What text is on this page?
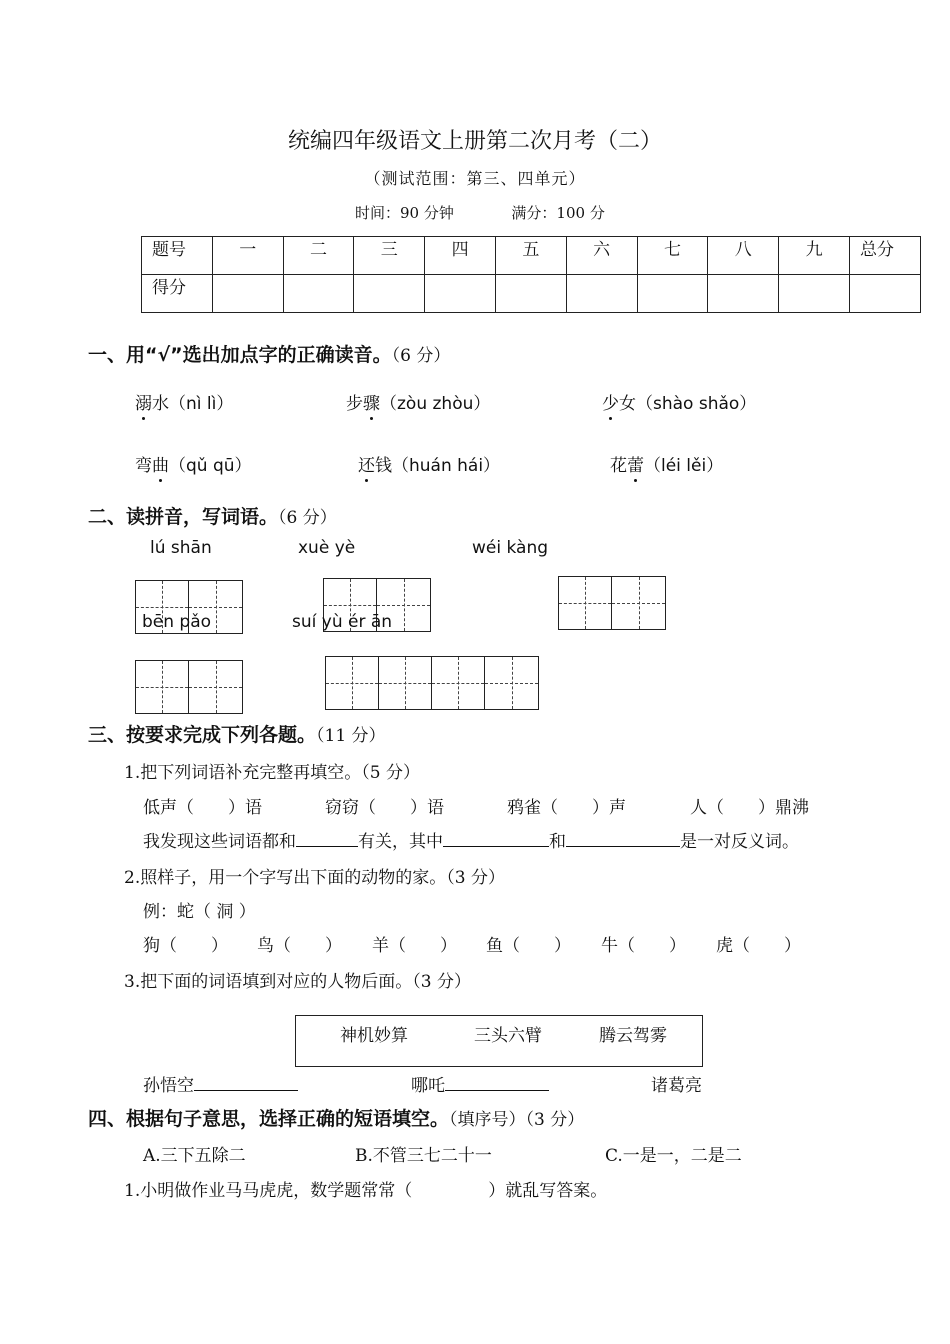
统编四年级语文上册第二次月考（二）
（测试范围：第三、四单元）
时间：90 分钟	满分：100 分
题号	一	二	三	四	五	六	七	八	九	总分
得分										
一、用“√”选出加点字的正确读音。（6 分）
溺水（nì lì）	步骤（zòu zhòu）	少女（shào shǎo）
弯曲（qǔ qū）	还钱（huán hái）	花蕾（léi lěi）
二、读拼音，写词语。（6 分）
lú shān	xuè yè	wéi kàng
bēn pǎo	suí yù ér ān
三、按要求完成下列各题。（11 分）
1.把下列词语补充完整再填空。（5 分）
低声（　　）语	窃窃（　　）语	鸦雀（　　）声	人（　　）鼎沸
我发现这些词语都和	有关，其中	和	是一对反义词。
2.照样子，用一个字写出下面的动物的家。（3 分）
例：蛇（ 洞 ）
狗（　　） 鸟（　　） 羊（　　） 鱼（　　） 牛（　　） 虎（　　）
3.把下面的词语填到对应的人物后面。（3 分）
神机妙算	三头六臂	腾云驾雾
孙悟空	哪吒	诸葛亮
四、根据句子意思，选择正确的短语填空。（填序号）（3 分）
A.三下五除二	B.不管三七二十一	C.一是一，二是二
1.小明做作业马马虎虎，数学题常常（	）就乱写答案。
